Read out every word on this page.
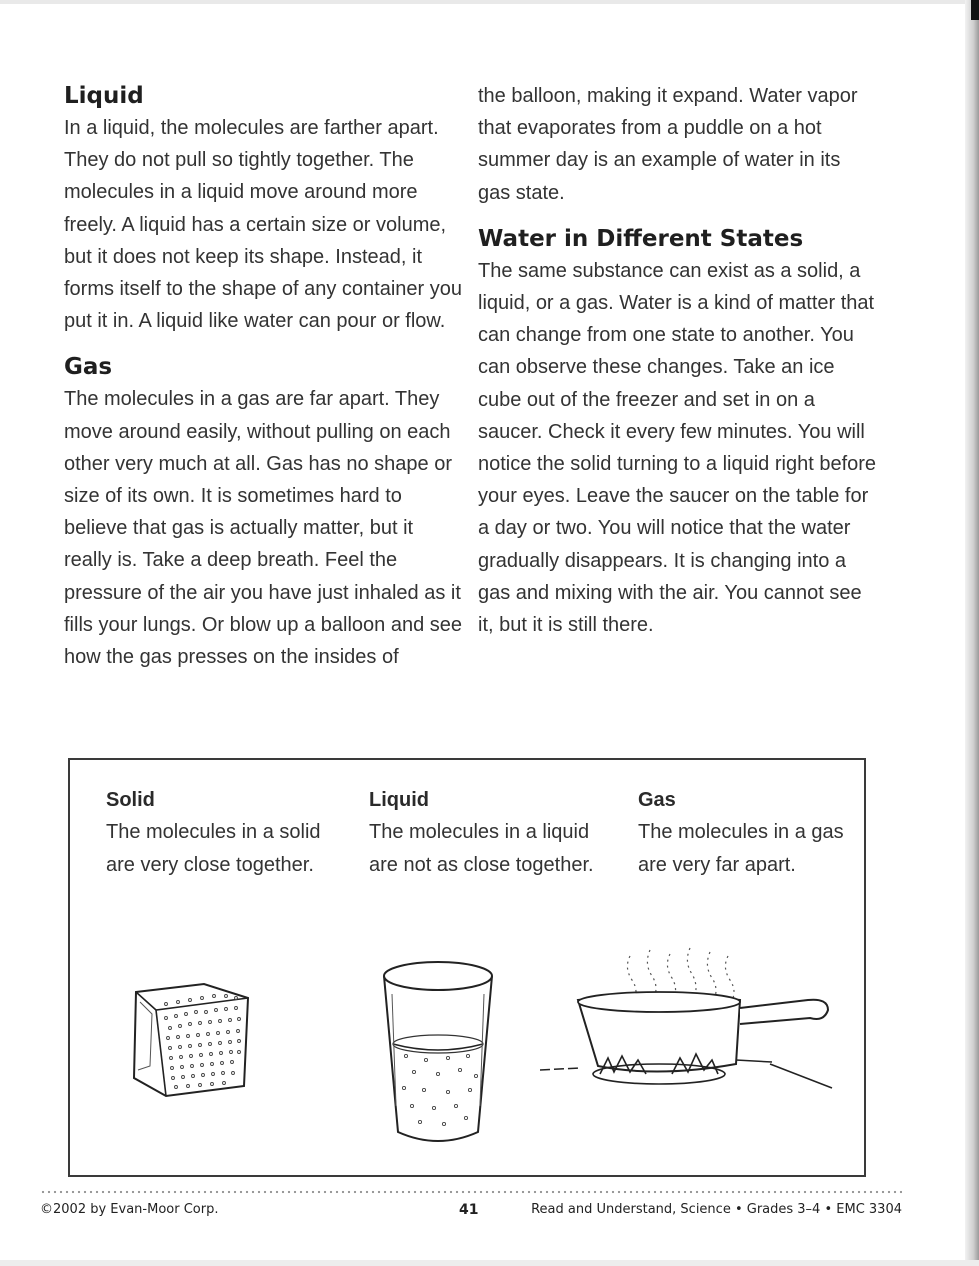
Liquid

In a liquid, the molecules are farther apart. They do not pull so tightly together. The molecules in a liquid move around more freely. A liquid has a certain size or volume, but it does not keep its shape. Instead, it forms itself to the shape of any container you put it in. A liquid like water can pour or flow.

Gas

The molecules in a gas are far apart. They move around easily, without pulling on each other very much at all. Gas has no shape or size of its own. It is sometimes hard to believe that gas is actually matter, but it really is. Take a deep breath. Feel the pressure of the air you have just inhaled as it fills your lungs. Or blow up a balloon and see how the gas presses on the insides of

the balloon, making it expand. Water vapor that evaporates from a puddle on a hot summer day is an example of water in its gas state.

Water in Different States

The same substance can exist as a solid, a liquid, or a gas. Water is a kind of matter that can change from one state to another. You can observe these changes. Take an ice cube out of the freezer and set in on a saucer. Check it every few minutes. You will notice the solid turning to a liquid right before your eyes. Leave the saucer on the table for a day or two. You will notice that the water gradually disappears. It is changing into a gas and mixing with the air. You cannot see it, but it is still there.

Solid
The molecules in a solid are very close together.
Liquid
The molecules in a liquid are not as close together.
Gas
The molecules in a gas are very far apart.
©2002 by Evan-Moor Corp.	41	Read and Understand, Science • Grades 3–4 • EMC 3304
